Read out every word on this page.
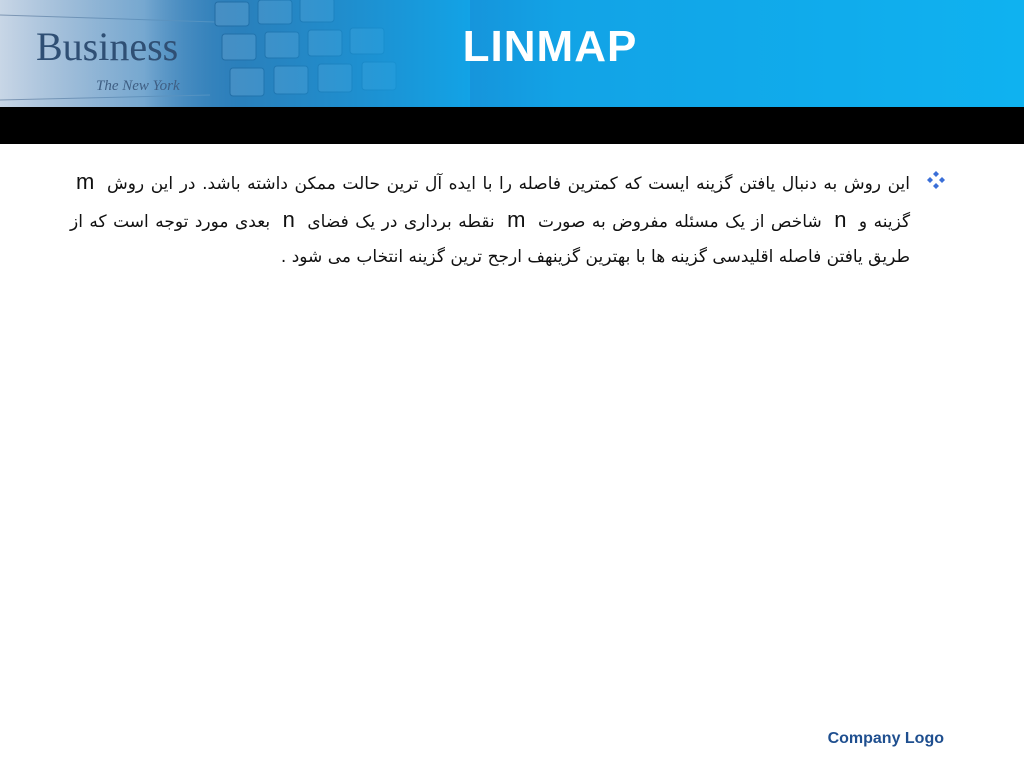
Business
The New York
LINMAP
این روش به دنبال یافتن گزینه ایست که کمترین فاصله را با ایده آل ترین حالت ممکن داشته باشد. در این روش m گزینه و n شاخص از یک مسئله مفروض به صورت m نقطه برداری در یک فضای n بعدی مورد توجه است که از طریق یافتن فاصله اقلیدسی گزینه ها با بهترین گزینهف ارجح ترین گزینه انتخاب می شود .
Company Logo
